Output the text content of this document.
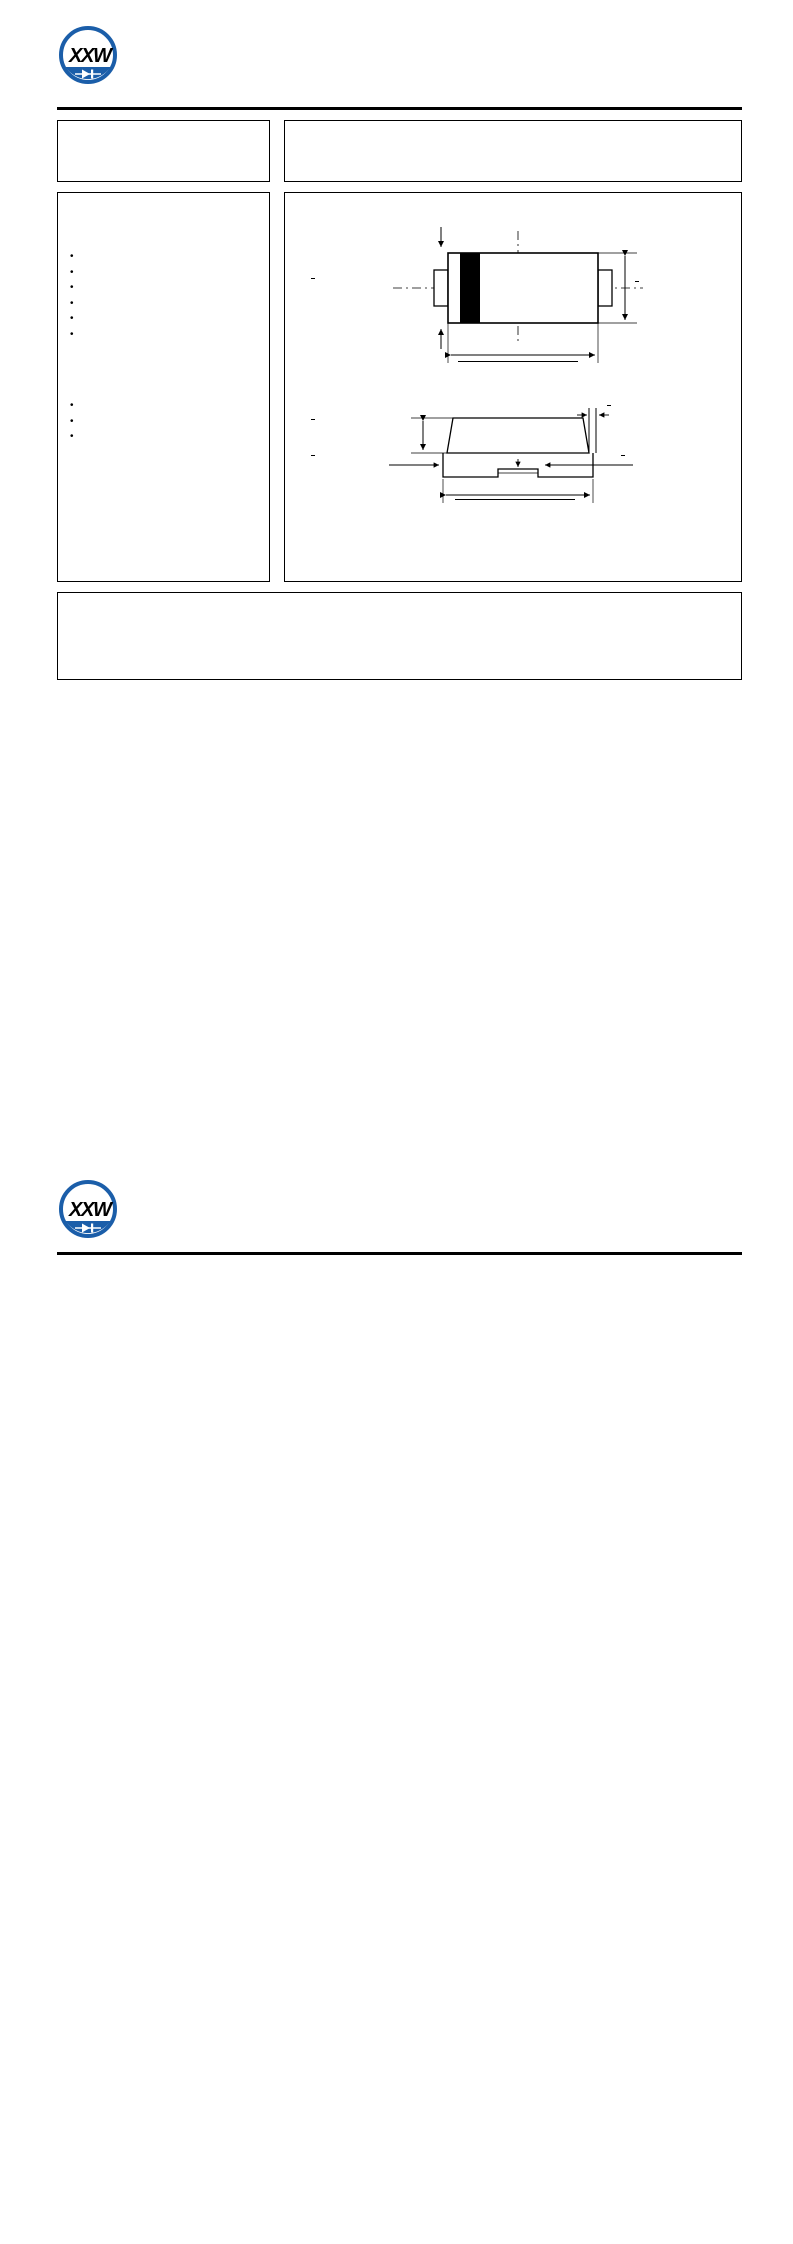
X
X
W

•
•
•
•
•
•
•
•
•
X
X
W
